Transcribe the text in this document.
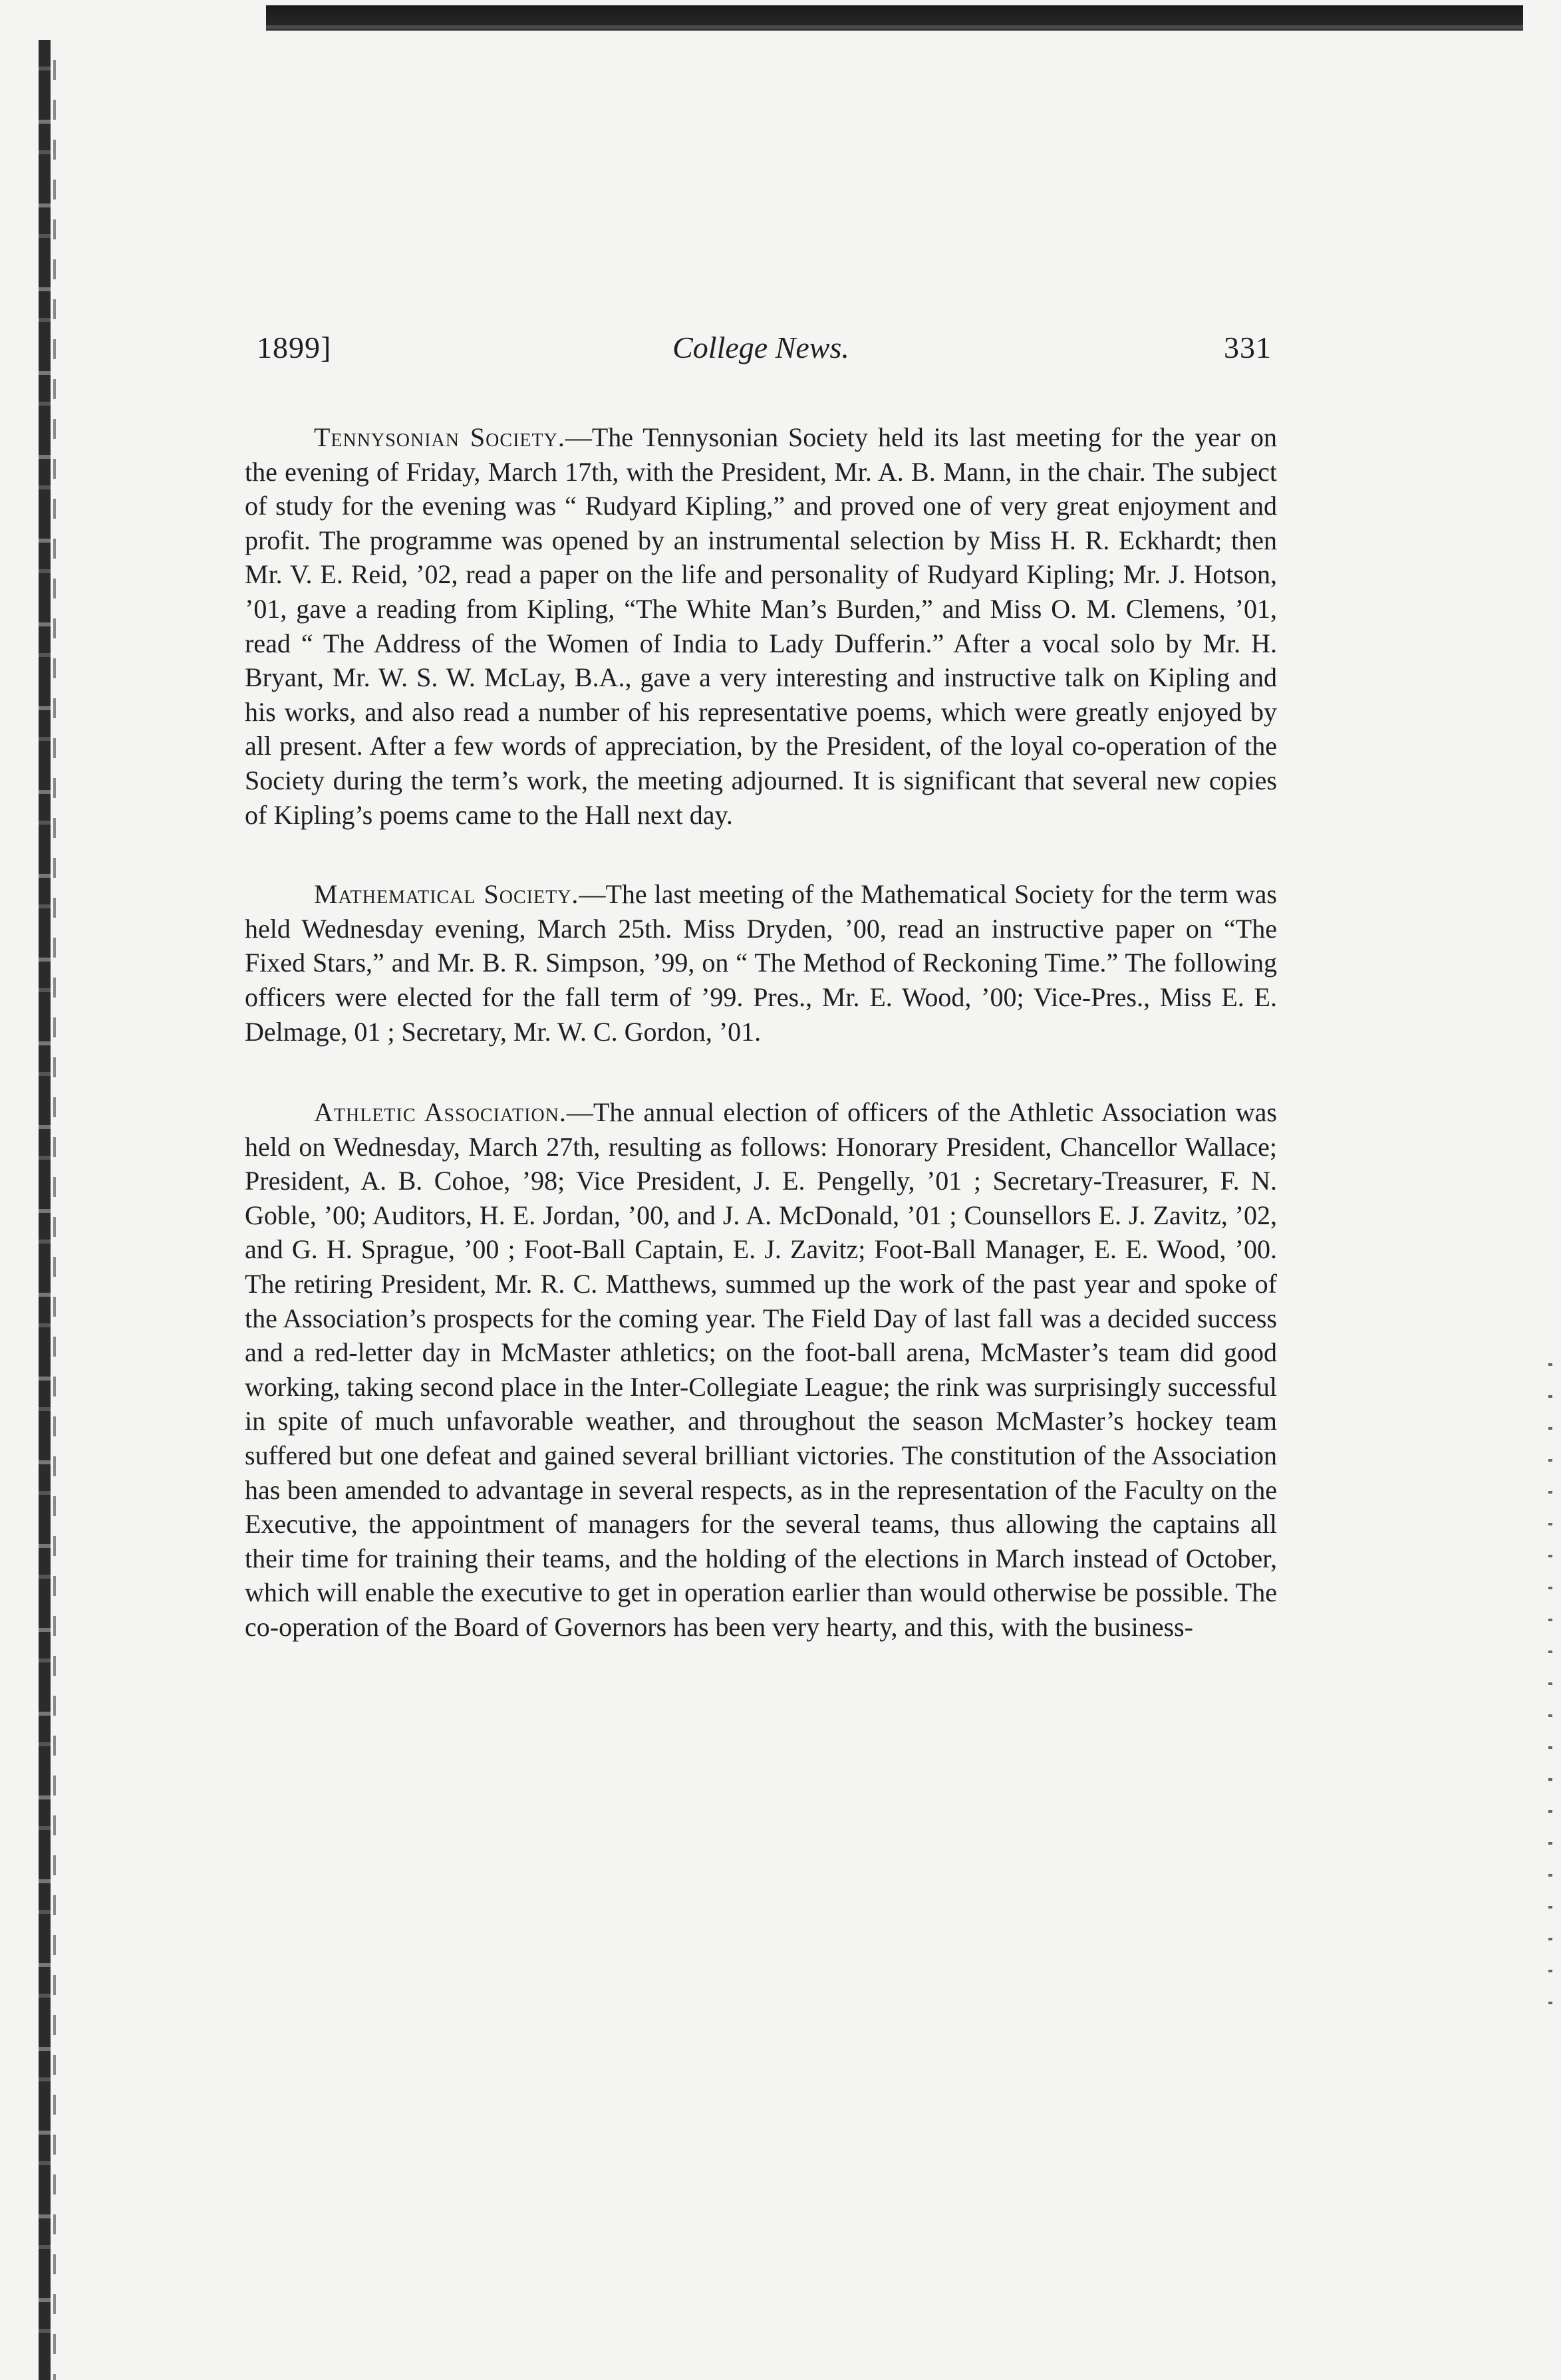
1899]	College News.	331

Tennysonian Society.—The Tennysonian Society held its last meeting for the year on the evening of Friday, March 17th, with the President, Mr. A. B. Mann, in the chair. The subject of study for the evening was “ Rudyard Kipling,” and proved one of very great enjoyment and profit. The programme was opened by an instrumental selection by Miss H. R. Eckhardt; then Mr. V. E. Reid, ’02, read a paper on the life and personality of Rudyard Kipling; Mr. J. Hotson, ’01, gave a reading from Kipling, “The White Man’s Burden,” and Miss O. M. Clemens, ’01, read “ The Address of the Women of India to Lady Dufferin.” After a vocal solo by Mr. H. Bryant, Mr. W. S. W. McLay, B.A., gave a very interesting and instructive talk on Kipling and his works, and also read a number of his representative poems, which were greatly enjoyed by all present. After a few words of appreciation, by the President, of the loyal co-operation of the Society during the term’s work, the meeting adjourned. It is significant that several new copies of Kipling’s poems came to the Hall next day.

Mathematical Society.—The last meeting of the Mathematical Society for the term was held Wednesday evening, March 25th. Miss Dryden, ’00, read an instructive paper on “The Fixed Stars,” and Mr. B. R. Simpson, ’99, on “ The Method of Reckoning Time.” The following officers were elected for the fall term of ’99. Pres., Mr. E. Wood, ’00; Vice-Pres., Miss E. E. Delmage, 01 ; Secretary, Mr. W. C. Gordon, ’01.

Athletic Association.—The annual election of officers of the Athletic Association was held on Wednesday, March 27th, resulting as follows: Honorary President, Chancellor Wallace; President, A. B. Cohoe, ’98; Vice President, J. E. Pengelly, ’01 ; Secretary-Treasurer, F. N. Goble, ’00; Auditors, H. E. Jordan, ’00, and J. A. McDonald, ’01 ; Counsellors E. J. Zavitz, ’02, and G. H. Sprague, ’00 ; Foot-Ball Captain, E. J. Zavitz; Foot-Ball Manager, E. E. Wood, ’00. The retiring President, Mr. R. C. Matthews, summed up the work of the past year and spoke of the Association’s prospects for the coming year. The Field Day of last fall was a decided success and a red-letter day in McMaster athletics; on the foot-ball arena, McMaster’s team did good working, taking second place in the Inter-Collegiate League; the rink was surprisingly successful in spite of much unfavorable weather, and throughout the season McMaster’s hockey team suffered but one defeat and gained several brilliant victories. The constitution of the Association has been amended to advantage in several respects, as in the representation of the Faculty on the Executive, the appointment of managers for the several teams, thus allowing the captains all their time for training their teams, and the holding of the elections in March instead of October, which will enable the executive to get in operation earlier than would otherwise be possible. The co-operation of the Board of Governors has been very hearty, and this, with the business-
